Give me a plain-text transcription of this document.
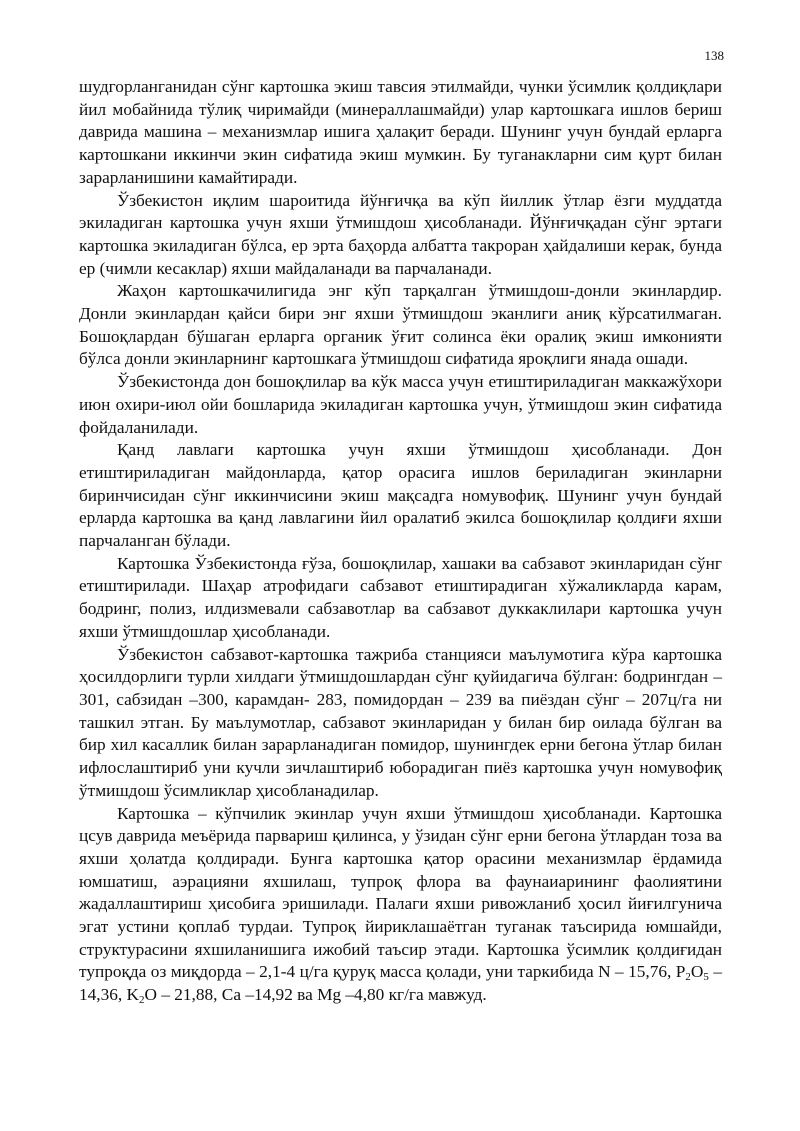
138

шудгорланганидан сўнг картошка экиш тавсия этилмайди, чунки ўсимлик қолдиқлари йил мобайнида тўлиқ чиримайди (минераллашмайди) улар картошкага ишлов бериш даврида машина – механизмлар ишига ҳалақит беради. Шунинг учун бундай ерларга картошкани иккинчи экин сифатида экиш мумкин. Бу туганакларни сим қурт билан зарарланишини камайтиради.

Ўзбекистон иқлим шароитида йўнғичқа ва кўп йиллик ўтлар ёзги муддатда экиладиган картошка учун яхши ўтмишдош ҳисобланади. Йўнғичқадан сўнг эртаги картошка экиладиган бўлса, ер эрта баҳорда албатта такроран ҳайдалиши керак, бунда ер (чимли кесаклар) яхши майдаланади ва парчаланади.

Жаҳон картошкачилигида энг кўп тарқалган ўтмишдош-донли экинлардир. Донли экинлардан қайси бири энг яхши ўтмишдош эканлиги аниқ кўрсатилмаган. Бошоқлардан бўшаган ерларга органик ўғит солинса ёки оралиқ экиш имконияти бўлса донли экинларнинг картошкага ўтмишдош сифатида яроқлиги янада ошади.

Ўзбекистонда дон бошоқлилар ва кўк масса учун етиштириладиган маккажўхори июн охири-июл ойи бошларида экиладиган картошка учун, ўтмишдош экин сифатида фойдаланилади.

Қанд лавлаги картошка учун яхши ўтмишдош ҳисобланади. Дон етиштириладиган майдонларда, қатор орасига ишлов бериладиган экинларни биринчисидан сўнг иккинчисини экиш мақсадга номувофиқ. Шунинг учун бундай ерларда картошка ва қанд лавлагини йил оралатиб экилса бошоқлилар қолдиғи яхши парчаланган бўлади.

Картошка Ўзбекистонда ғўза, бошоқлилар, хашаки ва сабзавот экинларидан сўнг етиштирилади. Шаҳар атрофидаги сабзавот етиштирадиган хўжаликларда карам, бодринг, полиз, илдизмевали сабзавотлар ва сабзавот дуккаклилари картошка учун яхши ўтмишдошлар ҳисобланади.

Ўзбекистон сабзавот-картошка тажриба станцияси маълумотига кўра картошка ҳосилдорлиги турли хилдаги ўтмишдошлардан сўнг қуйидагича бўлган: бодрингдан – 301, сабзидан –300, карамдан- 283, помидордан – 239 ва пиёздан сўнг – 207ц/га ни ташкил этган. Бу маълумотлар, сабзавот экинларидан у билан бир оилада бўлган ва бир хил касаллик билан зарарланадиган помидор, шунингдек ерни бегона ўтлар билан ифлослаштириб уни кучли зичлаштириб юборадиган пиёз картошка учун номувофиқ ўтмишдош ўсимликлар ҳисобланадилар.

Картошка – кўпчилик экинлар учун яхши ўтмишдош ҳисобланади. Картошка цсув даврида меъёрида парвариш қилинса, у ўзидан сўнг ерни бегона ўтлардан тоза ва яхши ҳолатда қолдиради. Бунга картошка қатор орасини механизмлар ёрдамида юмшатиш, аэрацияни яхшилаш, тупроқ флора ва фаунаиарининг фаолиятини жадаллаштириш ҳисобига эришилади. Палаги яхши ривожланиб ҳосил йиғилгунича эгат устини қоплаб турдаи. Тупроқ йириклашаётган туганак таъсирида юмшайди, структурасини яхшиланишига ижобий таъсир этади. Картошка ўсимлик қолдиғидан тупроқда оз миқдорда – 2,1-4 ц/га қуруқ масса қолади, уни таркибида N – 15,76, $P_2O_5$ –14,36, $K_2O - 21,88$, Ca –14,92 ва Mg –4,80 кг/га мавжуд.
